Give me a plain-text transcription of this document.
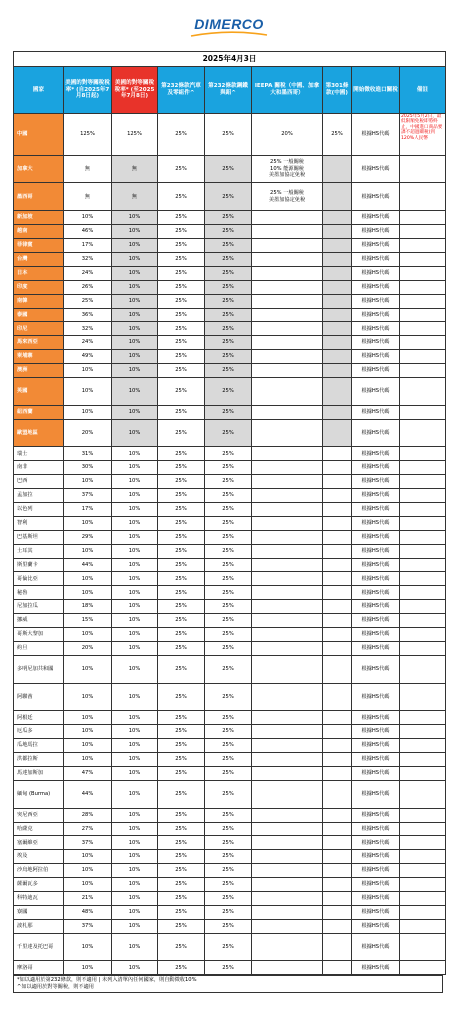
DIMERCO
2025年4月3日								
國家	美國的對等關稅稅率* (自2025年7月8日起)	美國的對等關稅稅率* (至2025年7月8日)	第232條款汽車及零組件^	第232條款鋼鐵與鋁^	IEEPA 關稅（中國、加拿大和墨西哥）	第301條款(中國)	開始徵收進口關稅	備註
中國	125%	125%	25%	25%	20%	25%	根據HS代碼	2025年5月2日，最低限額免稅即將終止，中國進口商品要課不超過關稅(到120%人民幣
加拿大	無	無	25%	25%	25% 一般關稅
10% 能源關稅
美墨加協定免稅		根據HS代碼	
墨西哥	無	無	25%	25%	25% 一般關稅
美墨加協定免稅		根據HS代碼	
新加坡	10%	10%	25%	25%			根據HS代碼	
越南	46%	10%	25%	25%			根據HS代碼	
菲律賓	17%	10%	25%	25%			根據HS代碼	
台灣	32%	10%	25%	25%			根據HS代碼	
日本	24%	10%	25%	25%			根據HS代碼	
印度	26%	10%	25%	25%			根據HS代碼	
南韓	25%	10%	25%	25%			根據HS代碼	
泰國	36%	10%	25%	25%			根據HS代碼	
印尼	32%	10%	25%	25%			根據HS代碼	
馬來西亞	24%	10%	25%	25%			根據HS代碼	
柬埔寨	49%	10%	25%	25%			根據HS代碼	
澳洲	10%	10%	25%	25%			根據HS代碼	
英國	10%	10%	25%	25%			根據HS代碼	
紐西蘭	10%	10%	25%	25%			根據HS代碼	
歐盟地區	20%	10%	25%	25%			根據HS代碼	
瑞士	31%	10%	25%	25%			根據HS代碼	
南非	30%	10%	25%	25%			根據HS代碼	
巴西	10%	10%	25%	25%			根據HS代碼	
孟加拉	37%	10%	25%	25%			根據HS代碼	
以色列	17%	10%	25%	25%			根據HS代碼	
智利	10%	10%	25%	25%			根據HS代碼	
巴基斯坦	29%	10%	25%	25%			根據HS代碼	
土耳其	10%	10%	25%	25%			根據HS代碼	
斯里蘭卡	44%	10%	25%	25%			根據HS代碼	
哥倫比亞	10%	10%	25%	25%			根據HS代碼	
秘魯	10%	10%	25%	25%			根據HS代碼	
尼加拉瓜	18%	10%	25%	25%			根據HS代碼	
挪威	15%	10%	25%	25%			根據HS代碼	
哥斯大黎加	10%	10%	25%	25%			根據HS代碼	
約旦	20%	10%	25%	25%			根據HS代碼	
多明尼加共和國	10%	10%	25%	25%			根據HS代碼	
阿聯酋	10%	10%	25%	25%			根據HS代碼	
阿根廷	10%	10%	25%	25%			根據HS代碼	
厄瓜多	10%	10%	25%	25%			根據HS代碼	
瓜地馬拉	10%	10%	25%	25%			根據HS代碼	
洪都拉斯	10%	10%	25%	25%			根據HS代碼	
馬達加斯加	47%	10%	25%	25%			根據HS代碼	
緬甸 (Burma)	44%	10%	25%	25%			根據HS代碼	
突尼西亞	28%	10%	25%	25%			根據HS代碼	
哈薩克	27%	10%	25%	25%			根據HS代碼	
塞爾維亞	37%	10%	25%	25%			根據HS代碼	
埃及	10%	10%	25%	25%			根據HS代碼	
沙烏地阿拉伯	10%	10%	25%	25%			根據HS代碼	
薩爾瓦多	10%	10%	25%	25%			根據HS代碼	
科特迪瓦	21%	10%	25%	25%			根據HS代碼	
寮國	48%	10%	25%	25%			根據HS代碼	
波札那	37%	10%	25%	25%			根據HS代碼	
千里達及托巴哥	10%	10%	25%	25%			根據HS代碼	
摩洛哥	10%	10%	25%	25%			根據HS代碼	
*如以適用於第232條款，則不適用 | 未列入清單內任何國家，則自動徵收10%
^如以適用於對等關稅，則不適用
